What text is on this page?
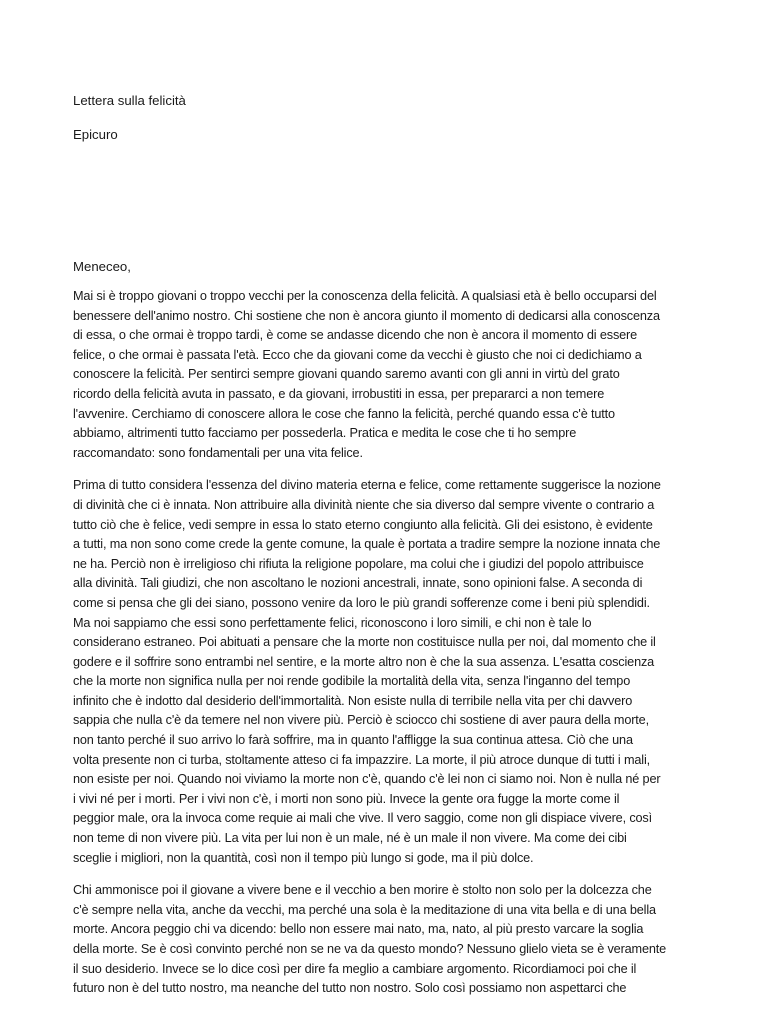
Lettera sulla felicità
Epicuro
Meneceo,

Mai si è troppo giovani o troppo vecchi per la conoscenza della felicità. A qualsiasi età è bello occuparsi del
benessere dell'animo nostro. Chi sostiene che non è ancora giunto il momento di dedicarsi alla conoscenza
di essa, o che ormai è troppo tardi, è come se andasse dicendo che non è ancora il momento di essere
felice, o che ormai è passata l'età. Ecco che da giovani come da vecchi è giusto che noi ci dedichiamo a
conoscere la felicità. Per sentirci sempre giovani quando saremo avanti con gli anni in virtù del grato
ricordo della felicità avuta in passato, e da giovani, irrobustiti in essa, per prepararci a non temere
l'avvenire. Cerchiamo di conoscere allora le cose che fanno la felicità, perché quando essa c'è tutto
abbiamo, altrimenti tutto facciamo per possederla. Pratica e medita le cose che ti ho sempre
raccomandato: sono fondamentali per una vita felice.

Prima di tutto considera l'essenza del divino materia eterna e felice, come rettamente suggerisce la nozione
di divinità che ci è innata. Non attribuire alla divinità niente che sia diverso dal sempre vivente o contrario a
tutto ciò che è felice, vedi sempre in essa lo stato eterno congiunto alla felicità. Gli dei esistono, è evidente
a tutti, ma non sono come crede la gente comune, la quale è portata a tradire sempre la nozione innata che
ne ha. Perciò non è irreligioso chi rifiuta la religione popolare, ma colui che i giudizi del popolo attribuisce
alla divinità. Tali giudizi, che non ascoltano le nozioni ancestrali, innate, sono opinioni false. A seconda di
come si pensa che gli dei siano, possono venire da loro le più grandi sofferenze come i beni più splendidi.
Ma noi sappiamo che essi sono perfettamente felici, riconoscono i loro simili, e chi non è tale lo
considerano estraneo. Poi abituati a pensare che la morte non costituisce nulla per noi, dal momento che il
godere e il soffrire sono entrambi nel sentire, e la morte altro non è che la sua assenza. L'esatta coscienza
che la morte non significa nulla per noi rende godibile la mortalità della vita, senza l'inganno del tempo
infinito che è indotto dal desiderio dell'immortalità. Non esiste nulla di terribile nella vita per chi davvero
sappia che nulla c'è da temere nel non vivere più. Perciò è sciocco chi sostiene di aver paura della morte,
non tanto perché il suo arrivo lo farà soffrire, ma in quanto l'affligge la sua continua attesa. Ciò che una
volta presente non ci turba, stoltamente atteso ci fa impazzire. La morte, il più atroce dunque di tutti i mali,
non esiste per noi. Quando noi viviamo la morte non c'è, quando c'è lei non ci siamo noi. Non è nulla né per
i vivi né per i morti. Per i vivi non c'è, i morti non sono più. Invece la gente ora fugge la morte come il
peggior male, ora la invoca come requie ai mali che vive. Il vero saggio, come non gli dispiace vivere, così
non teme di non vivere più. La vita per lui non è un male, né è un male il non vivere. Ma come dei cibi
sceglie i migliori, non la quantità, così non il tempo più lungo si gode, ma il più dolce.

Chi ammonisce poi il giovane a vivere bene e il vecchio a ben morire è stolto non solo per la dolcezza che
c'è sempre nella vita, anche da vecchi, ma perché una sola è la meditazione di una vita bella e di una bella
morte. Ancora peggio chi va dicendo: bello non essere mai nato, ma, nato, al più presto varcare la soglia
della morte. Se è così convinto perché non se ne va da questo mondo? Nessuno glielo vieta se è veramente
il suo desiderio. Invece se lo dice così per dire fa meglio a cambiare argomento. Ricordiamoci poi che il
futuro non è del tutto nostro, ma neanche del tutto non nostro. Solo così possiamo non aspettarci che
